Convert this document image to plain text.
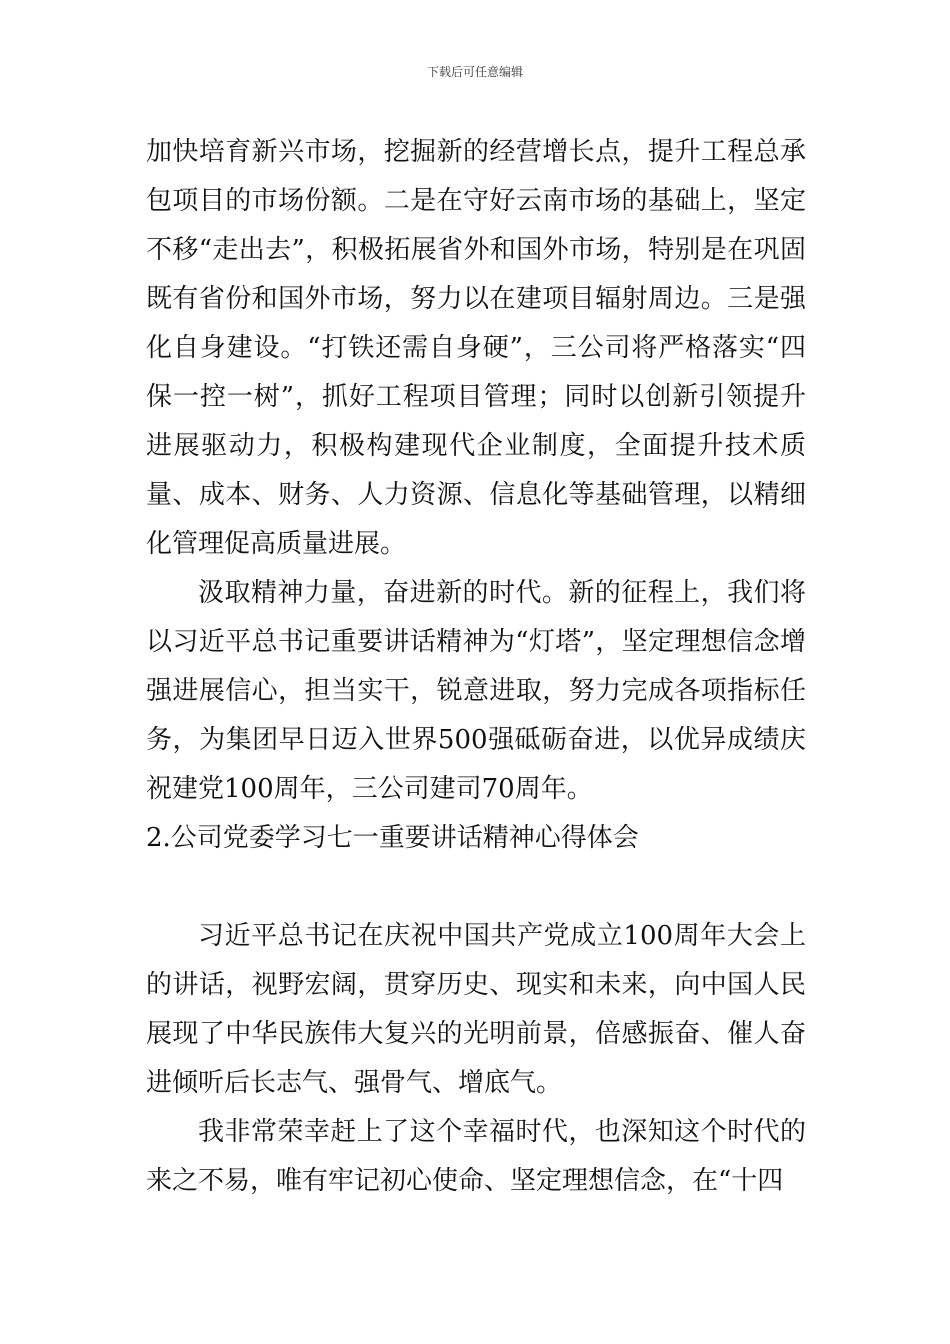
下载后可任意编辑

加快培育新兴市场，挖掘新的经营增长点，提升工程总承包项目的市场份额。二是在守好云南市场的基础上，坚定不移“走出去”，积极拓展省外和国外市场，特别是在巩固既有省份和国外市场，努力以在建项目辐射周边。三是强化自身建设。“打铁还需自身硬”，三公司将严格落实“四保一控一树”，抓好工程项目管理；同时以创新引领提升进展驱动力，积极构建现代企业制度，全面提升技术质量、成本、财务、人力资源、信息化等基础管理，以精细化管理促高质量进展。

汲取精神力量，奋进新的时代。新的征程上，我们将以习近平总书记重要讲话精神为“灯塔”，坚定理想信念增强进展信心，担当实干，锐意进取，努力完成各项指标任务，为集团早日迈入世界500强砥砺奋进，以优异成绩庆祝建党100周年，三公司建司70周年。

2.公司党委学习七一重要讲话精神心得体会

习近平总书记在庆祝中国共产党成立100周年大会上的讲话，视野宏阔，贯穿历史、现实和未来，向中国人民展现了中华民族伟大复兴的光明前景，倍感振奋、催人奋进倾听后长志气、强骨气、增底气。

我非常荣幸赶上了这个幸福时代，也深知这个时代的来之不易，唯有牢记初心使命、坚定理想信念，在“十四
